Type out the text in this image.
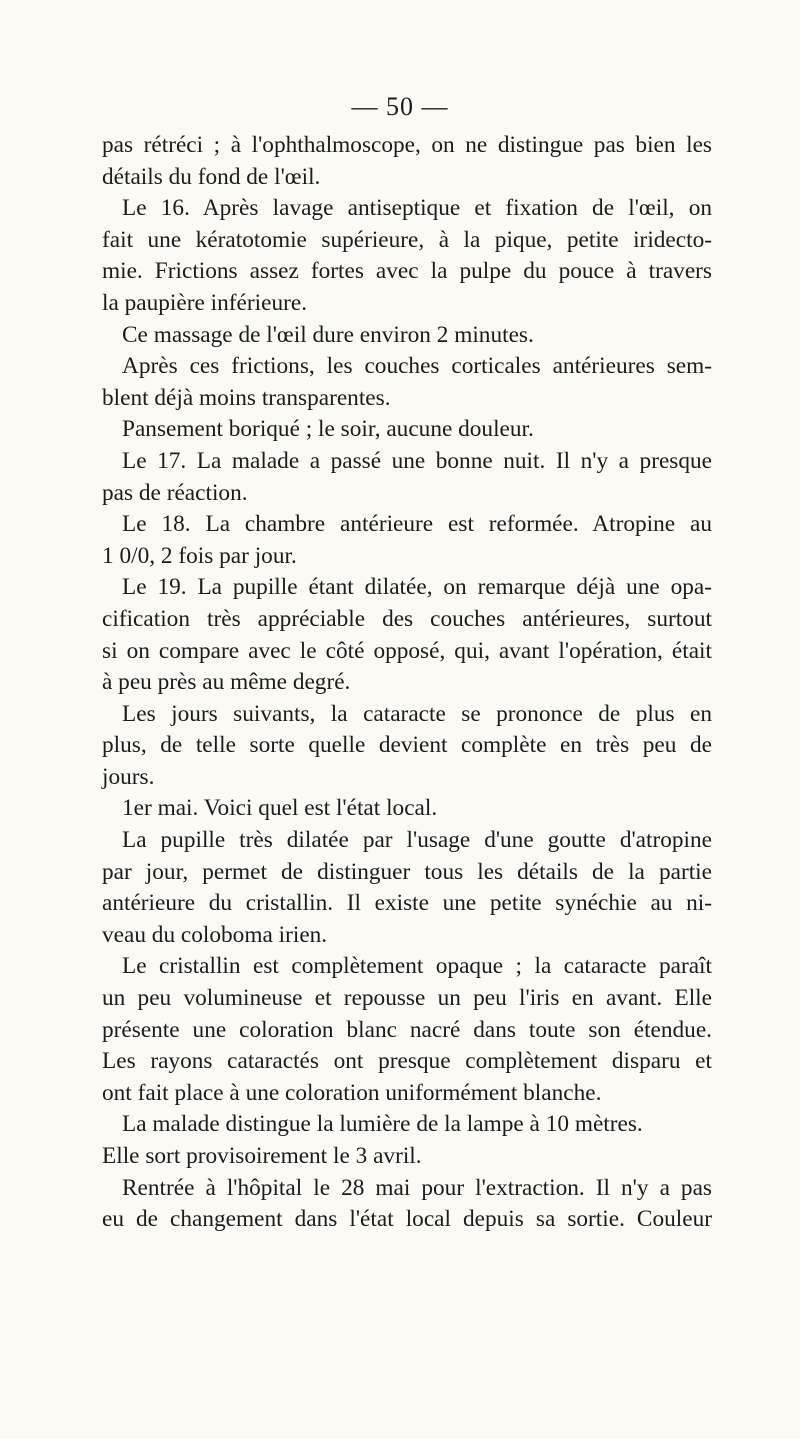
— 50 —
pas rétréci ; à l'ophthalmoscope, on ne distingue pas bien les
détails du fond de l'œil.
Le 16. Après lavage antiseptique et fixation de l'œil, on
fait une kératotomie supérieure, à la pique, petite iridecto-
mie. Frictions assez fortes avec la pulpe du pouce à travers
la paupière inférieure.
Ce massage de l'œil dure environ 2 minutes.
Après ces frictions, les couches corticales antérieures sem-
blent déjà moins transparentes.
Pansement boriqué ; le soir, aucune douleur.
Le 17. La malade a passé une bonne nuit. Il n'y a presque
pas de réaction.
Le 18. La chambre antérieure est reformée. Atropine au
1 0/0, 2 fois par jour.
Le 19. La pupille étant dilatée, on remarque déjà une opa-
cification très appréciable des couches antérieures, surtout
si on compare avec le côté opposé, qui, avant l'opération, était
à peu près au même degré.
Les jours suivants, la cataracte se prononce de plus en
plus, de telle sorte quelle devient complète en très peu de
jours.
1er mai. Voici quel est l'état local.
La pupille très dilatée par l'usage d'une goutte d'atropine
par jour, permet de distinguer tous les détails de la partie
antérieure du cristallin. Il existe une petite synéchie au ni-
veau du coloboma irien.
Le cristallin est complètement opaque ; la cataracte paraît
un peu volumineuse et repousse un peu l'iris en avant. Elle
présente une coloration blanc nacré dans toute son étendue.
Les rayons cataractés ont presque complètement disparu et
ont fait place à une coloration uniformément blanche.
La malade distingue la lumière de la lampe à 10 mètres.
Elle sort provisoirement le 3 avril.
Rentrée à l'hôpital le 28 mai pour l'extraction. Il n'y a pas
eu de changement dans l'état local depuis sa sortie. Couleur
